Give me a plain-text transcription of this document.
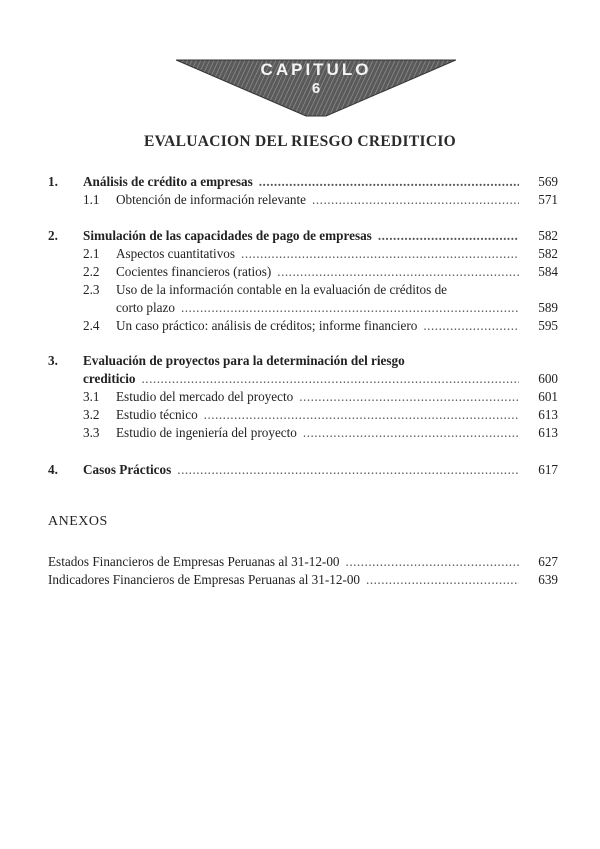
CAPITULO
6
EVALUACION DEL RIESGO CREDITICIO
1. Análisis de crédito a empresas .....	569
1.1 Obtención de información relevante .....	571
2. Simulación de las capacidades de pago de empresas .....	582
2.1 Aspectos cuantitativos .....	582
2.2 Cocientes financieros (ratios) .....	584
2.3 Uso de la información contable en la evaluación de créditos de
corto plazo .....	589
2.4 Un caso práctico: análisis de créditos; informe financiero .....	595
3. Evaluación de proyectos para la determinación del riesgo
crediticio .....	600
3.1 Estudio del mercado del proyecto .....	601
3.2 Estudio técnico .....	613
3.3 Estudio de ingeniería del proyecto .....	613
4. Casos Prácticos .....	617
ANEXOS
Estados Financieros de Empresas Peruanas al 31-12-00 .....	627
Indicadores Financieros de Empresas Peruanas al 31-12-00 .....	639
